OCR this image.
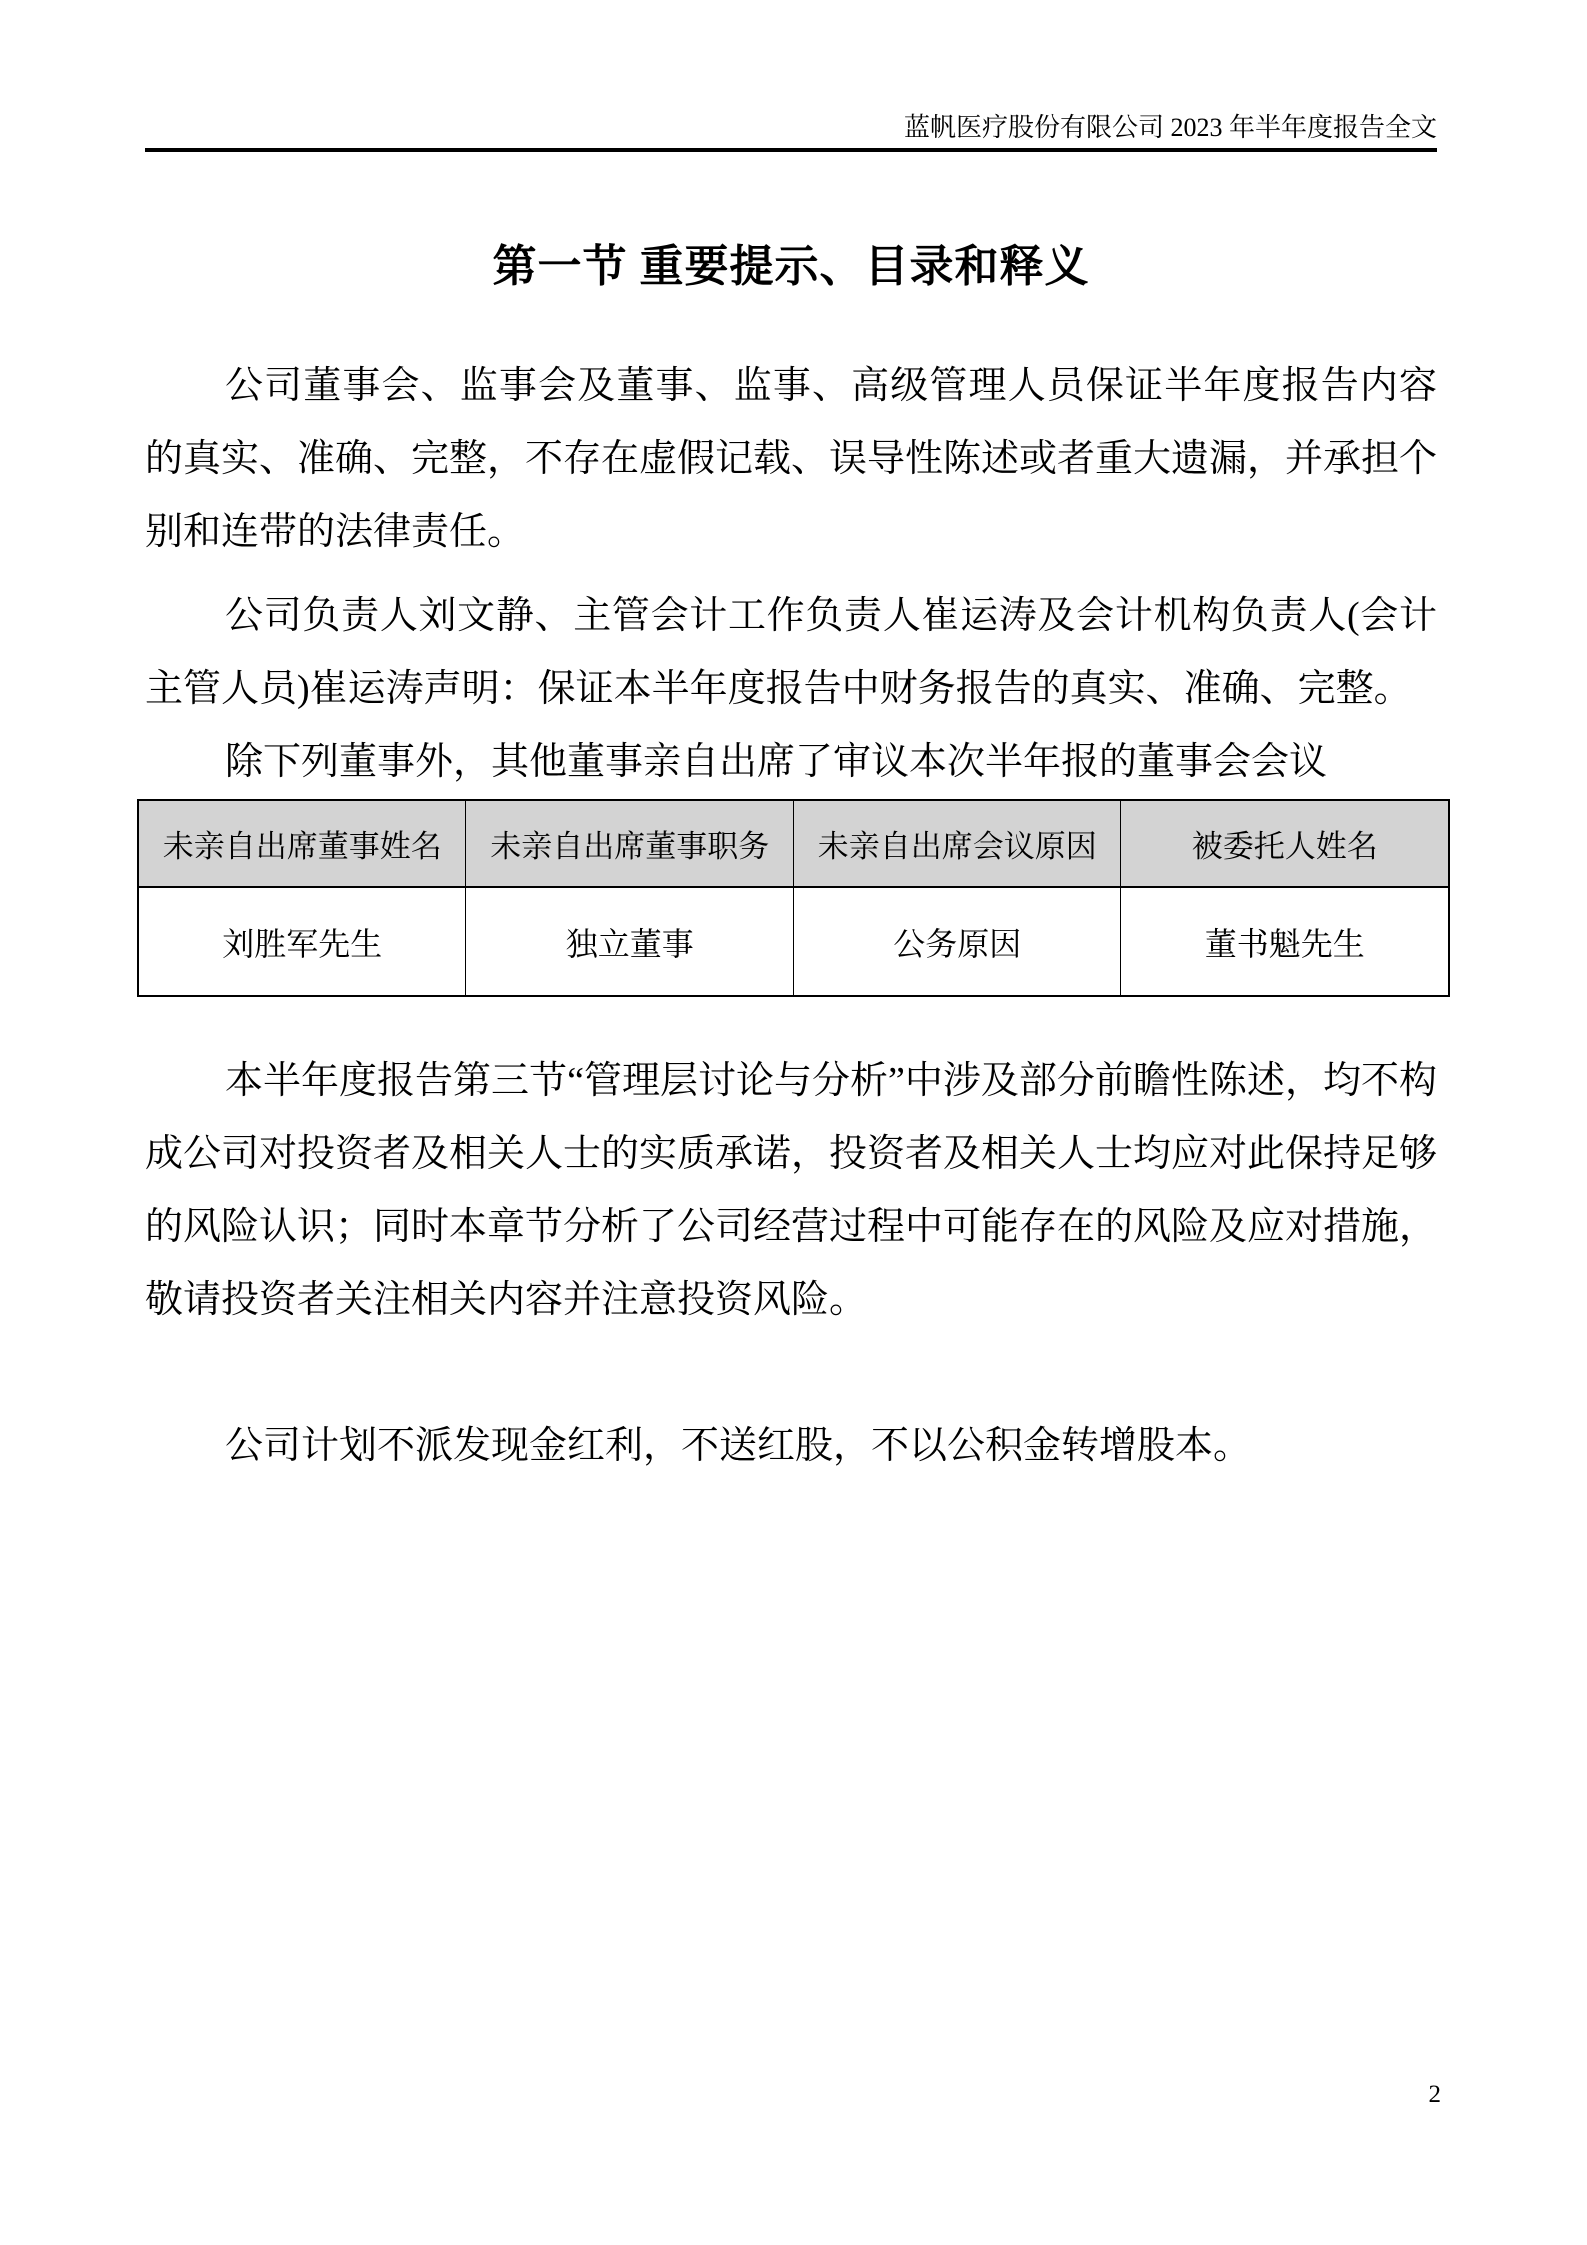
蓝帆医疗股份有限公司 2023 年半年度报告全文
第一节 重要提示、目录和释义

公司董事会、监事会及董事、监事、高级管理人员保证半年度报告内容的真实、准确、完整，不存在虚假记载、误导性陈述或者重大遗漏，并承担个别和连带的法律责任。

公司负责人刘文静、主管会计工作负责人崔运涛及会计机构负责人(会计主管人员)崔运涛声明：保证本半年度报告中财务报告的真实、准确、完整。

除下列董事外，其他董事亲自出席了审议本次半年报的董事会会议

未亲自出席董事姓名	未亲自出席董事职务	未亲自出席会议原因	被委托人姓名
刘胜军先生	独立董事	公务原因	董书魁先生

本半年度报告第三节“管理层讨论与分析”中涉及部分前瞻性陈述，均不构成公司对投资者及相关人士的实质承诺，投资者及相关人士均应对此保持足够的风险认识；同时本章节分析了公司经营过程中可能存在的风险及应对措施，敬请投资者关注相关内容并注意投资风险。

公司计划不派发现金红利，不送红股，不以公积金转增股本。

2
